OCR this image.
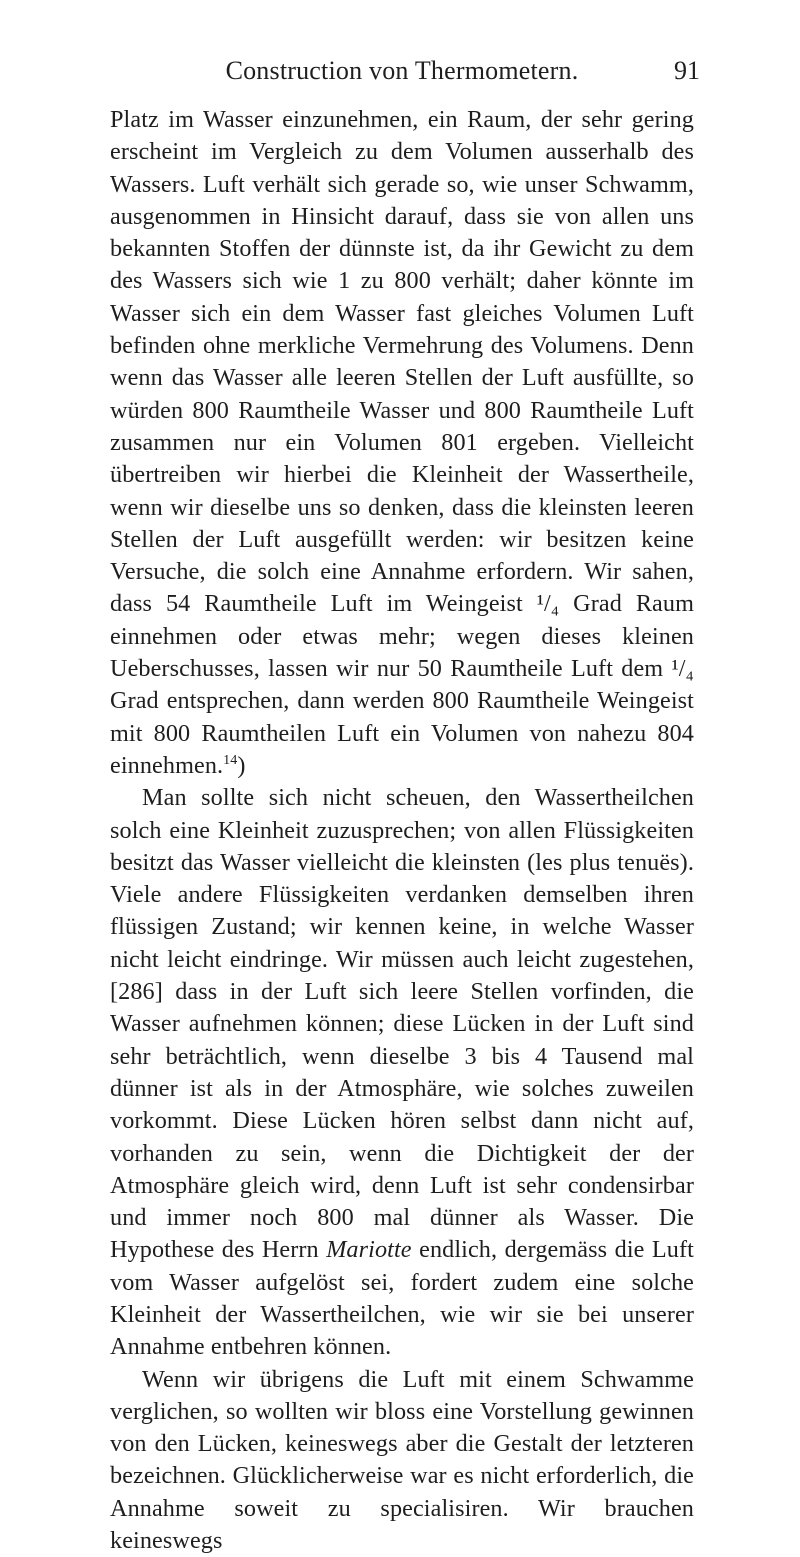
Construction von Thermometern.	91

Platz im Wasser einzunehmen, ein Raum, der sehr gering erscheint im Vergleich zu dem Volumen ausserhalb des Wassers. Luft verhält sich gerade so, wie unser Schwamm, ausgenommen in Hinsicht darauf, dass sie von allen uns bekannten Stoffen der dünnste ist, da ihr Gewicht zu dem des Wassers sich wie 1 zu 800 verhält; daher könnte im Wasser sich ein dem Wasser fast gleiches Volumen Luft befinden ohne merkliche Vermehrung des Volumens. Denn wenn das Wasser alle leeren Stellen der Luft ausfüllte, so würden 800 Raumtheile Wasser und 800 Raumtheile Luft zusammen nur ein Volumen 801 ergeben. Vielleicht übertreiben wir hierbei die Kleinheit der Wassertheile, wenn wir dieselbe uns so denken, dass die kleinsten leeren Stellen der Luft ausgefüllt werden: wir besitzen keine Versuche, die solch eine Annahme erfordern. Wir sahen, dass 54 Raumtheile Luft im Weingeist ¹/₄ Grad Raum einnehmen oder etwas mehr; wegen dieses kleinen Ueberschusses, lassen wir nur 50 Raumtheile Luft dem ¹/₄ Grad entsprechen, dann werden 800 Raumtheile Weingeist mit 800 Raumtheilen Luft ein Volumen von nahezu 804 einnehmen.$^{14}$)

Man sollte sich nicht scheuen, den Wassertheilchen solch eine Kleinheit zuzusprechen; von allen Flüssigkeiten besitzt das Wasser vielleicht die kleinsten (les plus tenuës). Viele andere Flüssigkeiten verdanken demselben ihren flüssigen Zustand; wir kennen keine, in welche Wasser nicht leicht eindringe. Wir müssen auch leicht zugestehen, [286] dass in der Luft sich leere Stellen vorfinden, die Wasser aufnehmen können; diese Lücken in der Luft sind sehr beträchtlich, wenn dieselbe 3 bis 4 Tausend mal dünner ist als in der Atmosphäre, wie solches zuweilen vorkommt. Diese Lücken hören selbst dann nicht auf, vorhanden zu sein, wenn die Dichtigkeit der der Atmosphäre gleich wird, denn Luft ist sehr condensirbar und immer noch 800 mal dünner als Wasser. Die Hypothese des Herrn Mariotte endlich, dergemäss die Luft vom Wasser aufgelöst sei, fordert zudem eine solche Kleinheit der Wassertheilchen, wie wir sie bei unserer Annahme entbehren können.

Wenn wir übrigens die Luft mit einem Schwamme verglichen, so wollten wir bloss eine Vorstellung gewinnen von den Lücken, keineswegs aber die Gestalt der letzteren bezeichnen. Glücklicherweise war es nicht erforderlich, die Annahme soweit zu specialisiren. Wir brauchen keineswegs
